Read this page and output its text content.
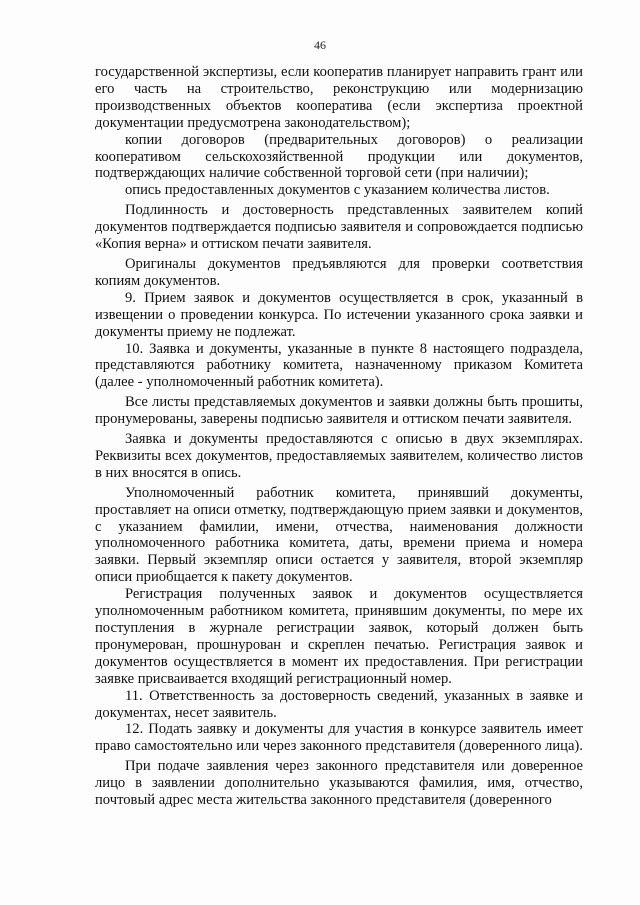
46

государственной экспертизы, если кооператив планирует направить грант или его часть на строительство, реконструкцию или модернизацию производственных объектов кооператива (если экспертиза проектной документации предусмотрена законодательством);

копии договоров (предварительных договоров) о реализации кооперативом сельскохозяйственной продукции или документов, подтверждающих наличие собственной торговой сети (при наличии);

опись предоставленных документов с указанием количества листов.

Подлинность и достоверность представленных заявителем копий документов подтверждается подписью заявителя и сопровождается подписью «Копия верна» и оттиском печати заявителя.

Оригиналы документов предъявляются для проверки соответствия копиям документов.

9. Прием заявок и документов осуществляется в срок, указанный в извещении о проведении конкурса. По истечении указанного срока заявки и документы приему не подлежат.

10. Заявка и документы, указанные в пункте 8 настоящего подраздела, представляются работнику комитета, назначенному приказом Комитета (далее - уполномоченный работник комитета).

Все листы представляемых документов и заявки должны быть прошиты, пронумерованы, заверены подписью заявителя и оттиском печати заявителя.

Заявка и документы предоставляются с описью в двух экземплярах. Реквизиты всех документов, предоставляемых заявителем, количество листов в них вносятся в опись.

Уполномоченный работник комитета, принявший документы, проставляет на описи отметку, подтверждающую прием заявки и документов, с указанием фамилии, имени, отчества, наименования должности уполномоченного работника комитета, даты, времени приема и номера заявки. Первый экземпляр описи остается у заявителя, второй экземпляр описи приобщается к пакету документов.

Регистрация полученных заявок и документов осуществляется уполномоченным работником комитета, принявшим документы, по мере их поступления в журнале регистрации заявок, который должен быть пронумерован, прошнурован и скреплен печатью. Регистрация заявок и документов осуществляется в момент их предоставления. При регистрации заявке присваивается входящий регистрационный номер.

11. Ответственность за достоверность сведений, указанных в заявке и документах, несет заявитель.

12. Подать заявку и документы для участия в конкурсе заявитель имеет право самостоятельно или через законного представителя (доверенного лица).

При подаче заявления через законного представителя или доверенное лицо в заявлении дополнительно указываются фамилия, имя, отчество, почтовый адрес места жительства законного представителя (доверенного
